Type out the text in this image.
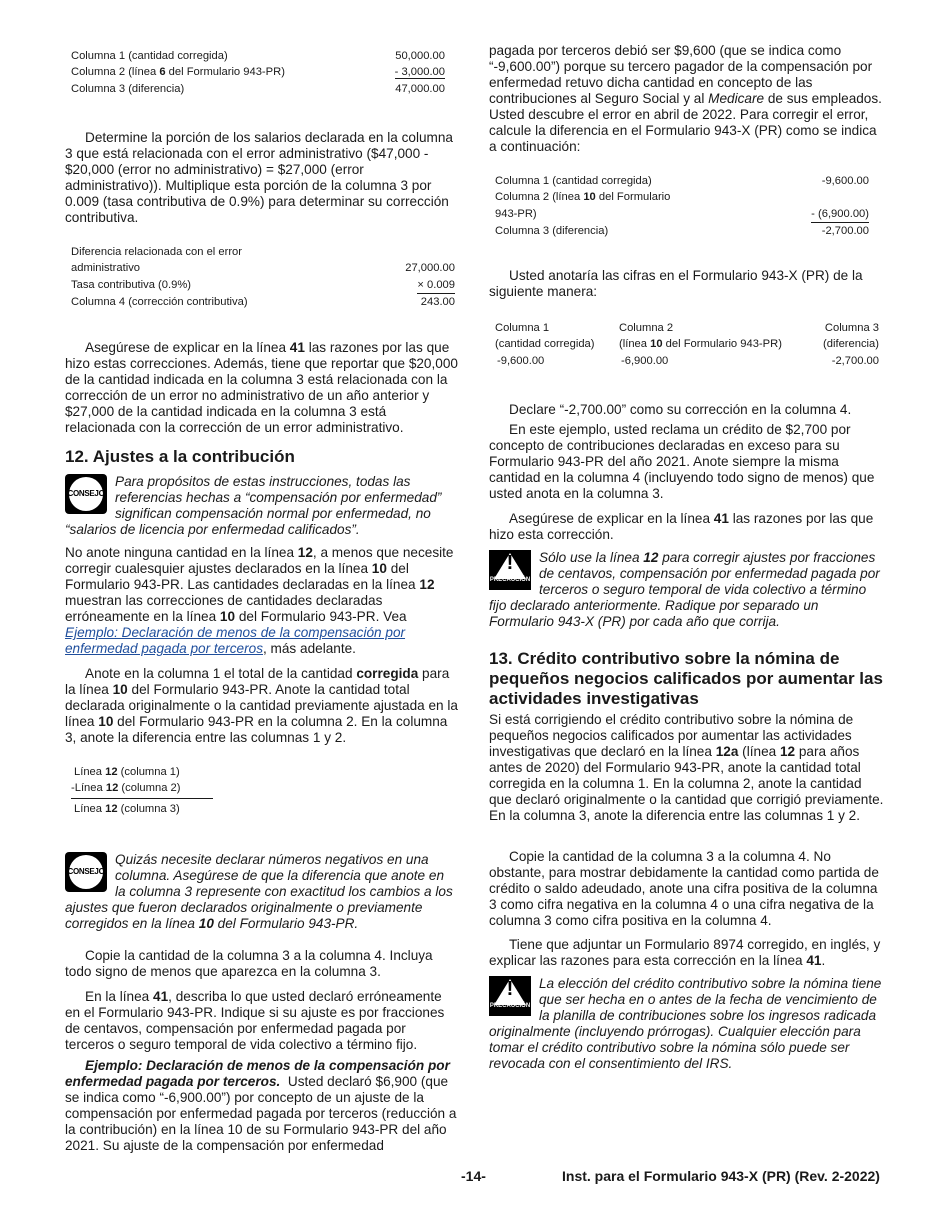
Columna 1 (cantidad corregida)	50,000.00
Columna 2 (línea 6 del Formulario 943-PR)	- 3,000.00
Columna 3 (diferencia)	47,000.00

Determine la porción de los salarios declarada en la columna 3 que está relacionada con el error administrativo ($47,000 - $20,000 (error no administrativo) = $27,000 (error administrativo)). Multiplique esta porción de la columna 3 por 0.009 (tasa contributiva de 0.9%) para determinar su corrección contributiva.

Diferencia relacionada con el error
administrativo	27,000.00
Tasa contributiva (0.9%)	× 0.009
Columna 4 (corrección contributiva)	243.00

Asegúrese de explicar en la línea 41 las razones por las que hizo estas correcciones. Además, tiene que reportar que $20,000 de la cantidad indicada en la columna 3 está relacionada con la corrección de un error no administrativo de un año anterior y $27,000 de la cantidad indicada en la columna 3 está relacionada con la corrección de un error administrativo.

12. Ajustes a la contribución
CONSEJO
Para propósitos de estas instrucciones, todas las referencias hechas a “compensación por enfermedad” significan compensación normal por enfermedad, no “salarios de licencia por enfermedad calificados”.

No anote ninguna cantidad en la línea 12, a menos que necesite corregir cualesquier ajustes declarados en la línea 10 del Formulario 943-PR. Las cantidades declaradas en la línea 12 muestran las correcciones de cantidades declaradas erróneamente en la línea 10 del Formulario 943-PR. Vea Ejemplo: Declaración de menos de la compensación por enfermedad pagada por terceros, más adelante.

Anote en la columna 1 el total de la cantidad corregida para la línea 10 del Formulario 943-PR. Anote la cantidad total declarada originalmente o la cantidad previamente ajustada en la línea 10 del Formulario 943-PR en la columna 2. En la columna 3, anote la diferencia entre las columnas 1 y 2.

Línea 12 (columna 1)
-Línea 12 (columna 2)
Línea 12 (columna 3)
CONSEJO
Quizás necesite declarar números negativos en una columna. Asegúrese de que la diferencia que anote en la columna 3 represente con exactitud los cambios a los ajustes que fueron declarados originalmente o previamente corregidos en la línea 10 del Formulario 943-PR.

Copie la cantidad de la columna 3 a la columna 4. Incluya todo signo de menos que aparezca en la columna 3.

En la línea 41, describa lo que usted declaró erróneamente en el Formulario 943-PR. Indique si su ajuste es por fracciones de centavos, compensación por enfermedad pagada por terceros o seguro temporal de vida colectivo a término fijo.

Ejemplo: Declaración de menos de la compensación por enfermedad pagada por terceros. Usted declaró $6,900 (que se indica como “-6,900.00”) por concepto de un ajuste de la compensación por enfermedad pagada por terceros (reducción a la contribución) en la línea 10 de su Formulario 943-PR del año 2021. Su ajuste de la compensación por enfermedad

pagada por terceros debió ser $9,600 (que se indica como “-9,600.00”) porque su tercero pagador de la compensación por enfermedad retuvo dicha cantidad en concepto de las contribuciones al Seguro Social y al Medicare de sus empleados. Usted descubre el error en abril de 2022. Para corregir el error, calcule la diferencia en el Formulario 943-X (PR) como se indica a continuación:

Columna 1 (cantidad corregida)	-9,600.00
Columna 2 (línea 10 del Formulario
943-PR)	- (6,900.00)
Columna 3 (diferencia)	-2,700.00

Usted anotaría las cifras en el Formulario 943-X (PR) de la siguiente manera:

Columna 1	Columna 2	Columna 3
(cantidad corregida)	(línea 10 del Formulario 943-PR)	(diferencia)
-9,600.00	-6,900.00	-2,700.00

Declare “-2,700.00” como su corrección en la columna 4.

En este ejemplo, usted reclama un crédito de $2,700 por concepto de contribuciones declaradas en exceso para su Formulario 943-PR del año 2021. Anote siempre la misma cantidad en la columna 4 (incluyendo todo signo de menos) que usted anota en la columna 3.

Asegúrese de explicar en la línea 41 las razones por las que hizo esta corrección.

!
PRECAUCIÓN
Sólo use la línea 12 para corregir ajustes por fracciones de centavos, compensación por enfermedad pagada por terceros o seguro temporal de vida colectivo a término fijo declarado anteriormente. Radique por separado un Formulario 943-X (PR) por cada año que corrija.
13. Crédito contributivo sobre la nómina de pequeños negocios calificados por aumentar las actividades investigativas

Si está corrigiendo el crédito contributivo sobre la nómina de pequeños negocios calificados por aumentar las actividades investigativas que declaró en la línea 12a (línea 12 para años antes de 2020) del Formulario 943-PR, anote la cantidad total corregida en la columna 1. En la columna 2, anote la cantidad que declaró originalmente o la cantidad que corrigió previamente. En la columna 3, anote la diferencia entre las columnas 1 y 2.

Copie la cantidad de la columna 3 a la columna 4. No obstante, para mostrar debidamente la cantidad como partida de crédito o saldo adeudado, anote una cifra positiva de la columna 3 como cifra negativa en la columna 4 o una cifra negativa de la columna 3 como cifra positiva en la columna 4.

Tiene que adjuntar un Formulario 8974 corregido, en inglés, y explicar las razones para esta corrección en la línea 41.

!
PRECAUCIÓN
La elección del crédito contributivo sobre la nómina tiene que ser hecha en o antes de la fecha de vencimiento de la planilla de contribuciones sobre los ingresos radicada originalmente (incluyendo prórrogas). Cualquier elección para tomar el crédito contributivo sobre la nómina sólo puede ser revocada con el consentimiento del IRS.
-14-	Inst. para el Formulario 943-X (PR) (Rev. 2-2022)
